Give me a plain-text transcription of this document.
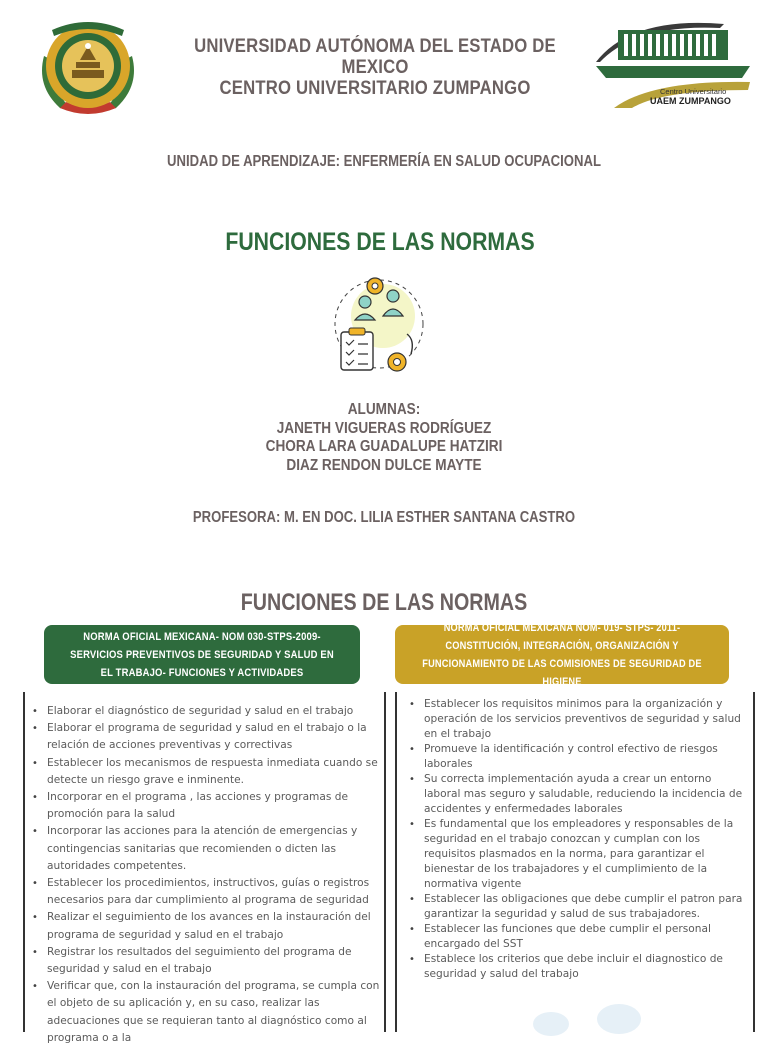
Centro Universitario
UAEM ZUMPANGO
UNIVERSIDAD AUTÓNOMA DEL ESTADO DE MEXICO
CENTRO UNIVERSITARIO ZUMPANGO
UNIDAD DE APRENDIZAJE: ENFERMERÍA EN SALUD OCUPACIONAL
FUNCIONES DE LAS NORMAS
ALUMNAS:
JANETH VIGUERAS RODRÍGUEZ
CHORA LARA GUADALUPE HATZIRI
DIAZ RENDON DULCE MAYTE
PROFESORA: M. EN DOC. LILIA ESTHER SANTANA CASTRO
FUNCIONES DE LAS NORMAS
NORMA OFICIAL MEXICANA- NOM 030-STPS-2009- SERVICIOS PREVENTIVOS DE SEGURIDAD Y SALUD EN EL TRABAJO- FUNCIONES Y ACTIVIDADES
NORMA OFICIAL MEXICANA NOM- 019- STPS- 2011- CONSTITUCIÓN, INTEGRACIÓN, ORGANIZACIÓN Y FUNCIONAMIENTO DE LAS COMISIONES DE SEGURIDAD DE HIGIENE
• Elaborar el diagnóstico de seguridad y salud en el trabajo
• Elaborar el programa de seguridad y salud en el trabajo o la relación de acciones preventivas y correctivas
• Establecer los mecanismos de respuesta inmediata cuando se detecte un riesgo grave e inminente.
• Incorporar en el programa , las acciones y programas de promoción para la salud
• Incorporar las acciones para la atención de emergencias y contingencias sanitarias que recomienden o dicten las autoridades competentes.
• Establecer los procedimientos, instructivos, guías o registros necesarios para dar cumplimiento al programa de seguridad
• Realizar el seguimiento de los avances en la instauración del programa de seguridad y salud en el trabajo
• Registrar los resultados del seguimiento del programa de seguridad y salud en el trabajo
• Verificar que, con la instauración del programa, se cumpla con el objeto de su aplicación y, en su caso, realizar las adecuaciones que se requieran tanto al diagnóstico como al programa o a la
• Establecer los requisitos minimos para la organización y operación de los servicios preventivos de seguridad y salud en el trabajo
• Promueve la identificación y control efectivo de riesgos laborales
• Su correcta implementación ayuda a crear un entorno laboral mas seguro y saludable, reduciendo la incidencia de accidentes y enfermedades laborales
• Es fundamental que los empleadores y responsables de la seguridad en el trabajo conozcan y cumplan con los requisitos plasmados en la norma, para garantizar el bienestar de los trabajadores y el cumplimiento de la normativa vigente
• Establecer las obligaciones que debe cumplir el patron para garantizar la seguridad y salud de sus trabajadores.
• Establecer las funciones que debe cumplir el personal encargado del SST
• Establece los criterios que debe incluir el diagnostico de seguridad y salud del trabajo
